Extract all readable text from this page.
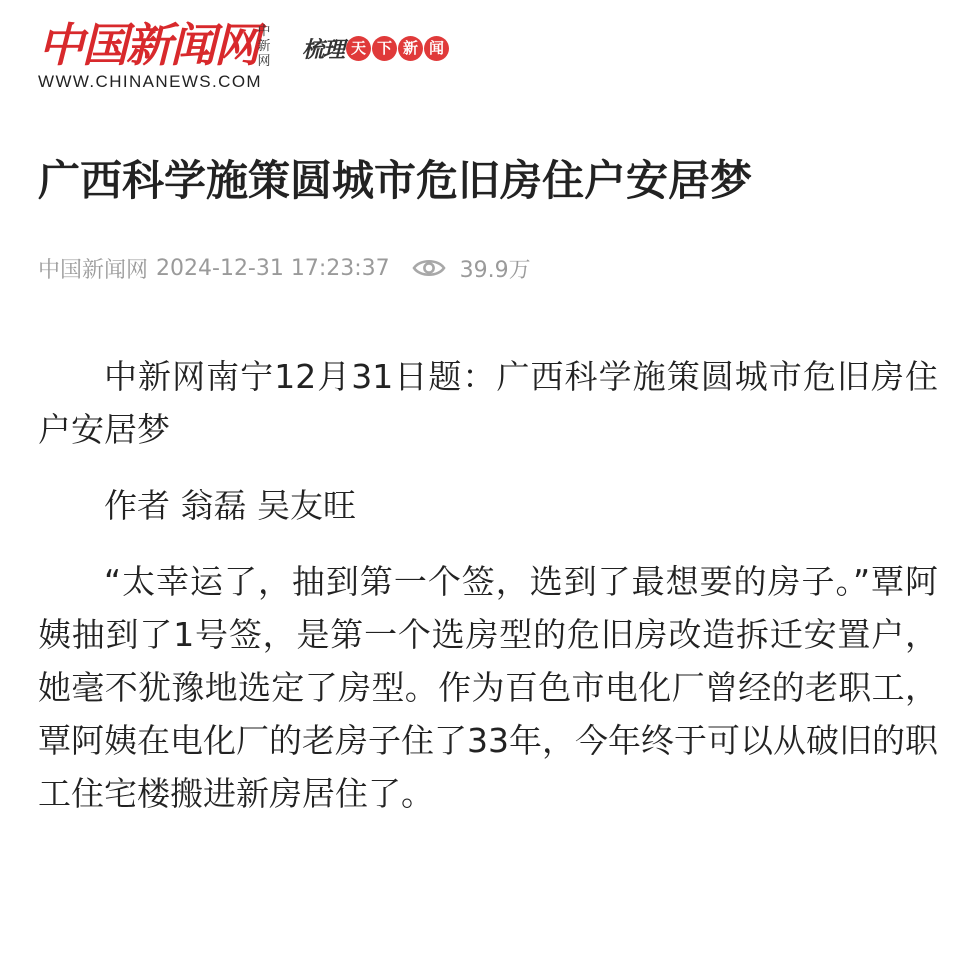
中国新闻网 中新网
WWW.CHINANEWS.COM
梳理 天 下 新 闻
广西科学施策圆城市危旧房住户安居梦
中国新闻网 2024-12-31 17:23:37	39.9万

中新网南宁12月31日题：广西科学施策圆城市危旧房住户安居梦

作者 翁磊 吴友旺

“太幸运了，抽到第一个签，选到了最想要的房子。”覃阿姨抽到了1号签，是第一个选房型的危旧房改造拆迁安置户，她毫不犹豫地选定了房型。作为百色市电化厂曾经的老职工，覃阿姨在电化厂的老房子住了33年，今年终于可以从破旧的职工住宅楼搬进新房居住了。
